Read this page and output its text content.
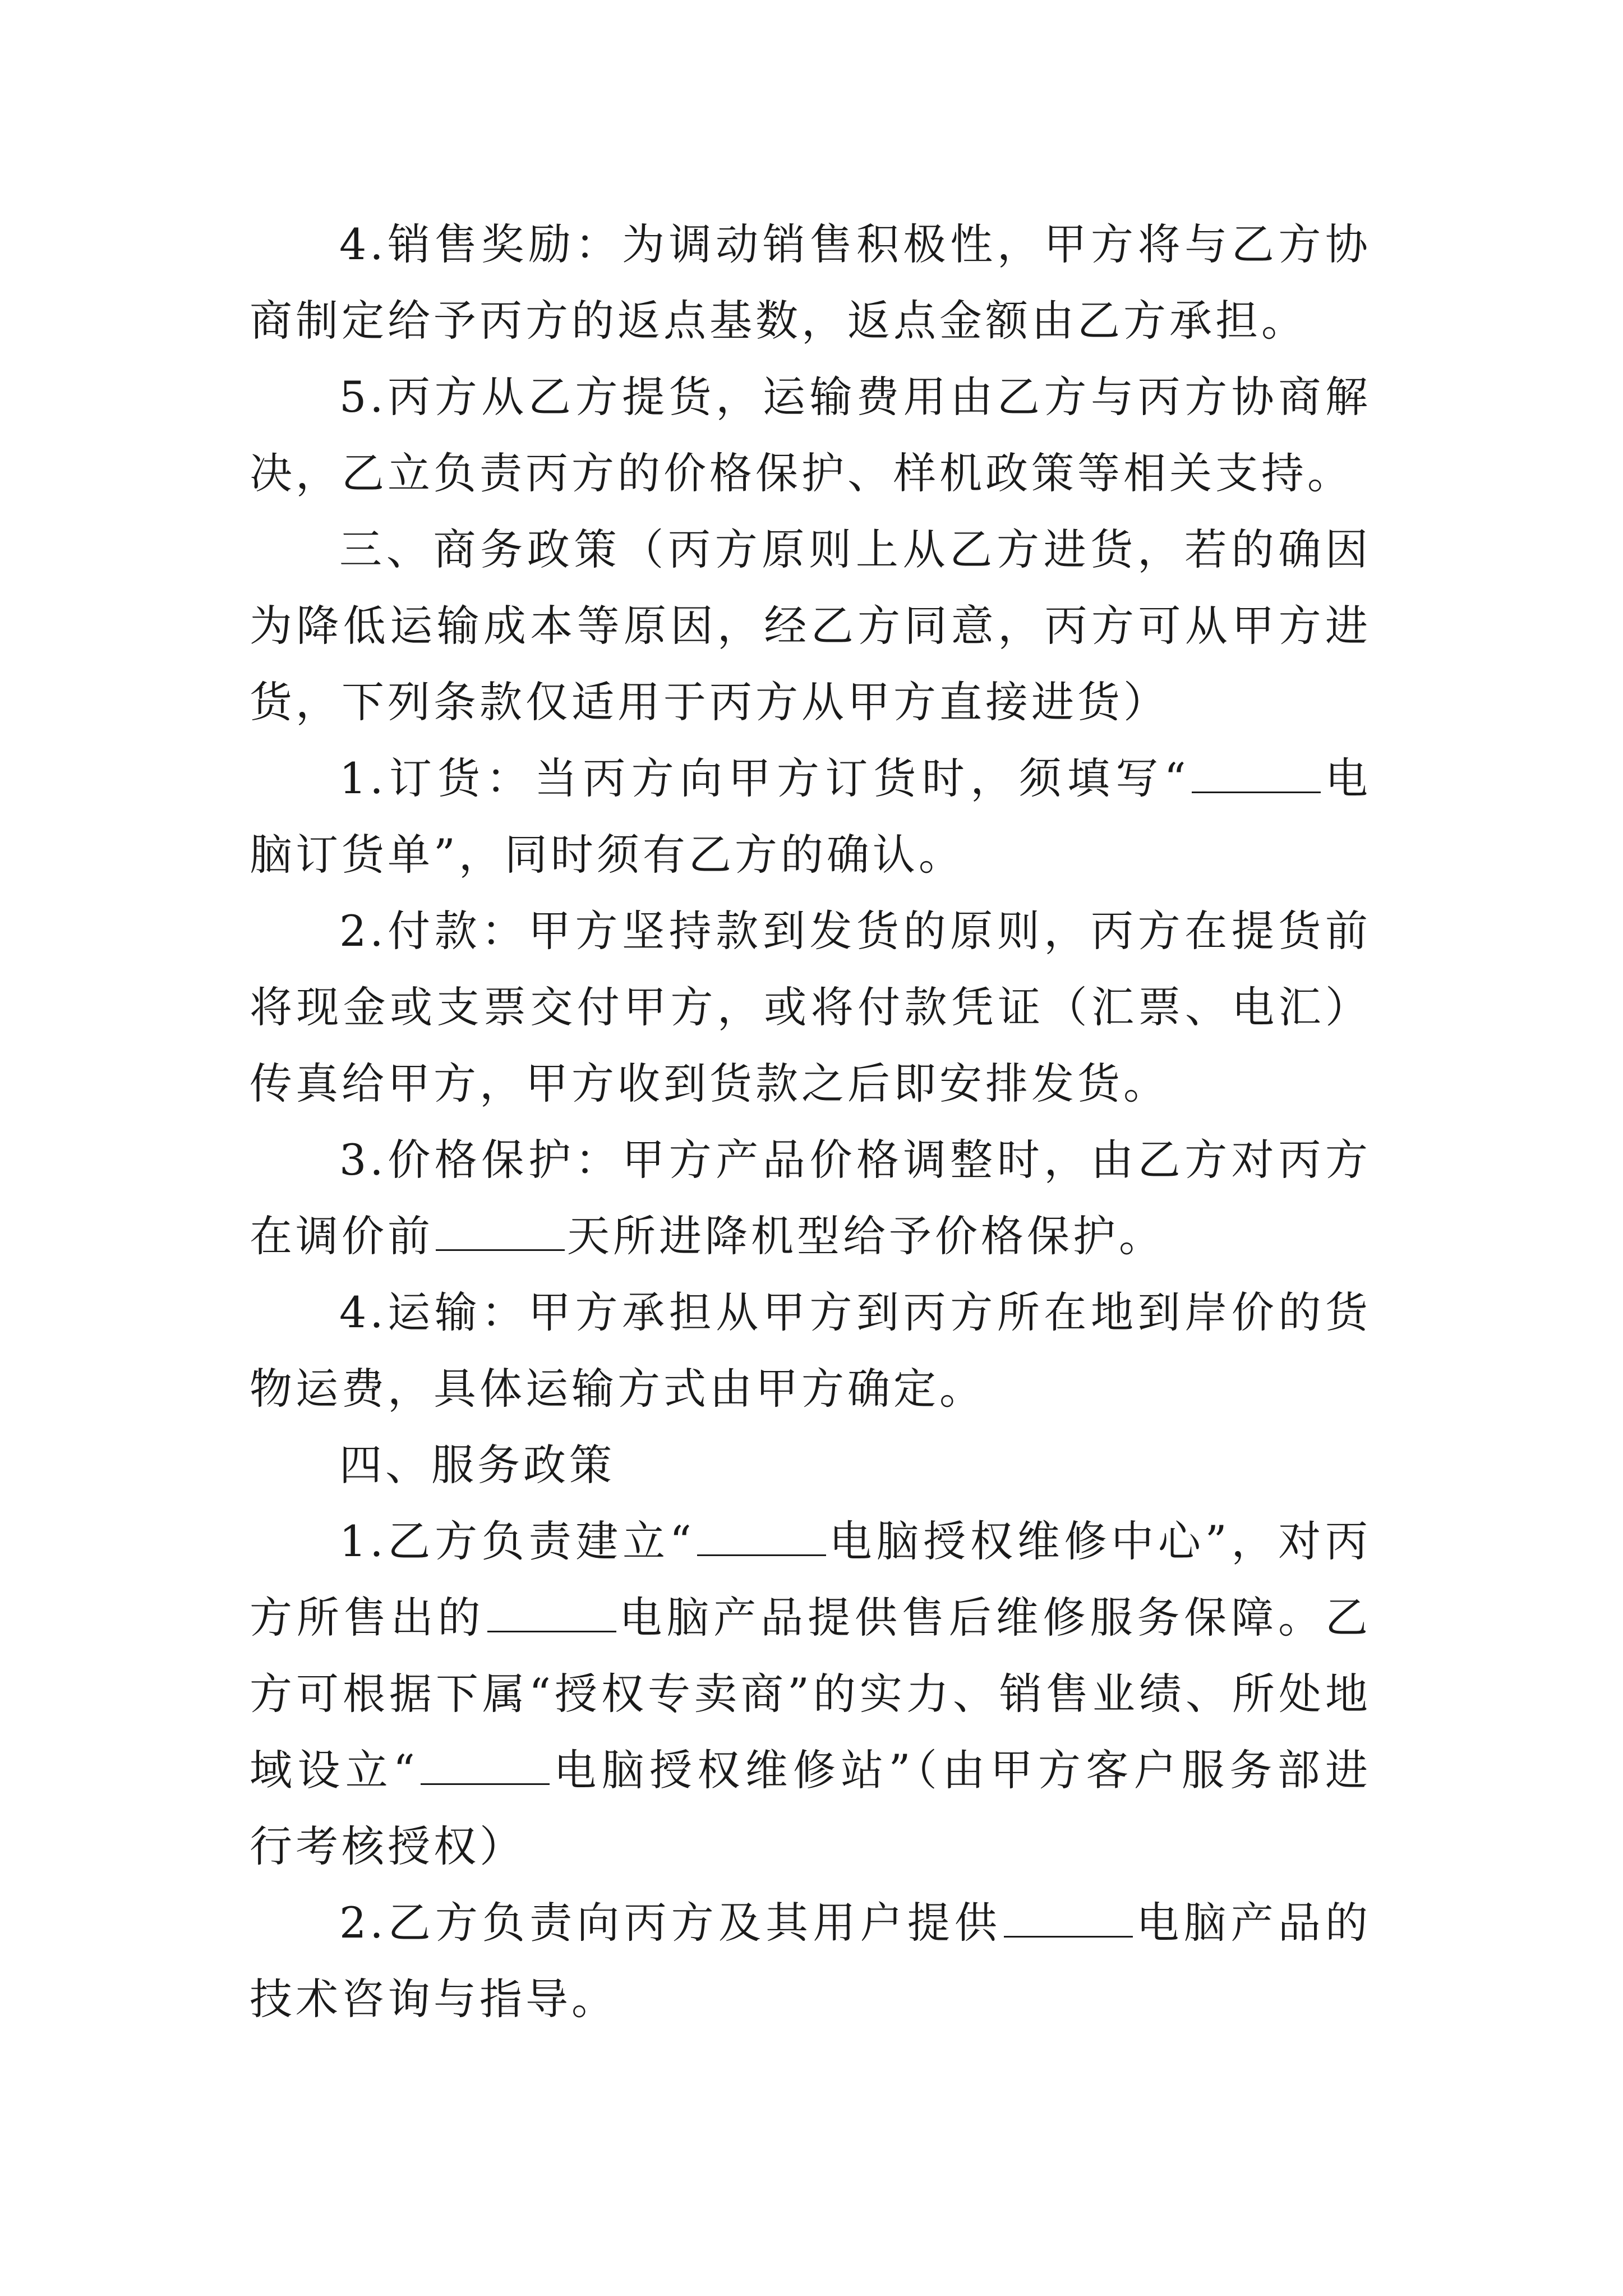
4.销售奖励：为调动销售积极性，甲方将与乙方协商制定给予丙方的返点基数，返点金额由乙方承担。

5.丙方从乙方提货，运输费用由乙方与丙方协商解决，乙立负责丙方的价格保护、样机政策等相关支持。

三、商务政策（丙方原则上从乙方进货，若的确因为降低运输成本等原因，经乙方同意，丙方可从甲方进货，下列条款仅适用于丙方从甲方直接进货）

1.订货：当丙方向甲方订货时，须填写“	电脑订货单”，同时须有乙方的确认。

2.付款：甲方坚持款到发货的原则，丙方在提货前将现金或支票交付甲方，或将付款凭证（汇票、电汇）传真给甲方，甲方收到货款之后即安排发货。

3.价格保护：甲方产品价格调整时，由乙方对丙方在调价前	天所进降机型给予价格保护。

4.运输：甲方承担从甲方到丙方所在地到岸价的货物运费，具体运输方式由甲方确定。

四、服务政策

1.乙方负责建立“	电脑授权维修中心”，对丙方所售出的	电脑产品提供售后维修服务保障。乙方可根据下属“授权专卖商”的实力、销售业绩、所处地域设立“	电脑授权维修站”（由甲方客户服务部进行考核授权）

2.乙方负责向丙方及其用户提供	电脑产品的技术咨询与指导。
